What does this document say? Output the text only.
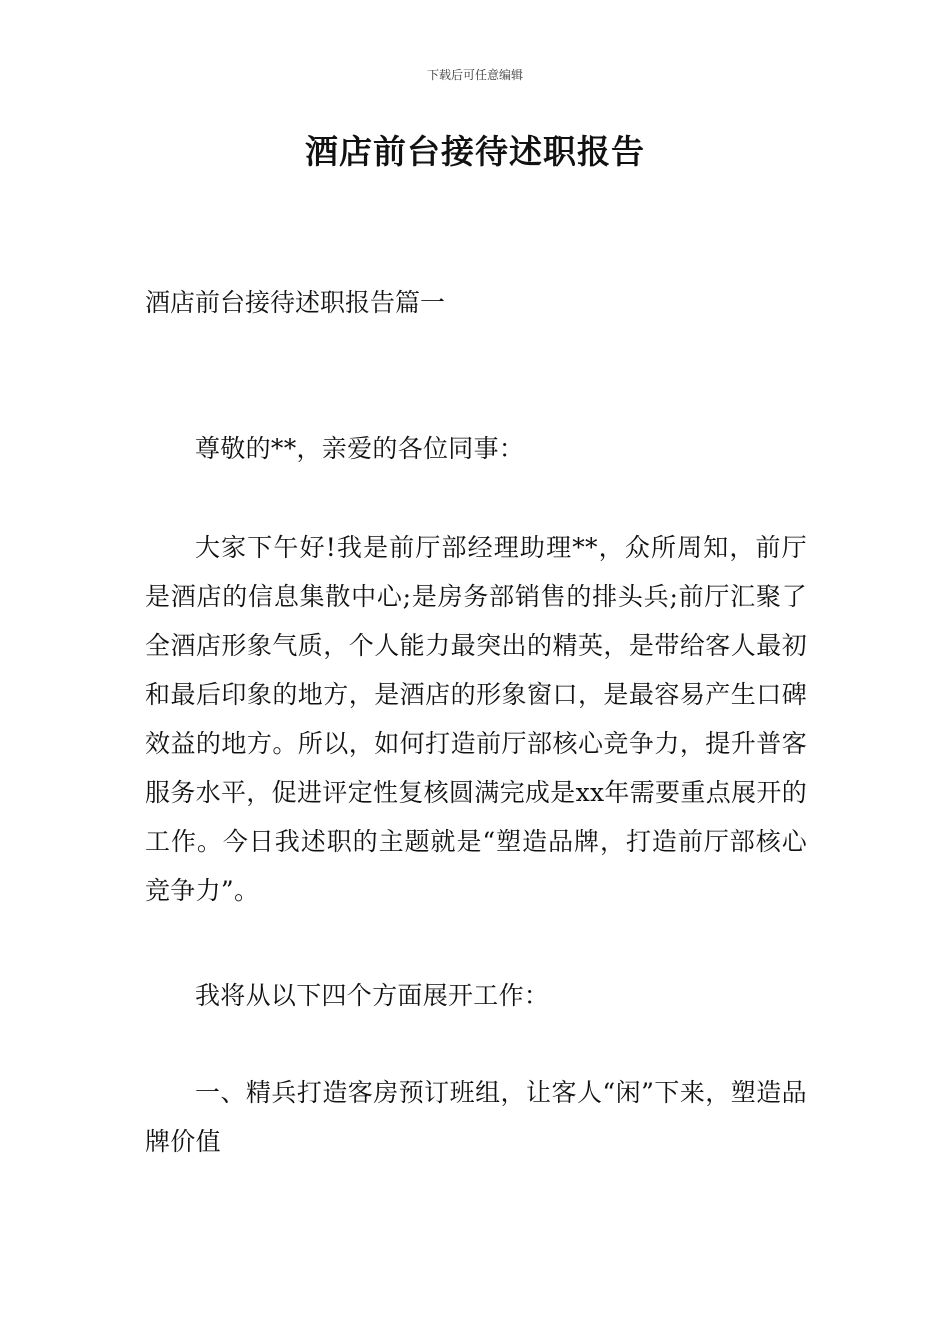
下载后可任意编辑
酒店前台接待述职报告
酒店前台接待述职报告篇一

尊敬的**，亲爱的各位同事：

大家下午好!我是前厅部经理助理**，众所周知，前厅是酒店的信息集散中心;是房务部销售的排头兵;前厅汇聚了全酒店形象气质，个人能力最突出的精英，是带给客人最初和最后印象的地方，是酒店的形象窗口，是最容易产生口碑效益的地方。所以，如何打造前厅部核心竞争力，提升普客服务水平，促进评定性复核圆满完成是xx年需要重点展开的工作。今日我述职的主题就是“塑造品牌，打造前厅部核心竞争力”。

我将从以下四个方面展开工作：

一、精兵打造客房预订班组，让客人“闲”下来，塑造品牌价值
